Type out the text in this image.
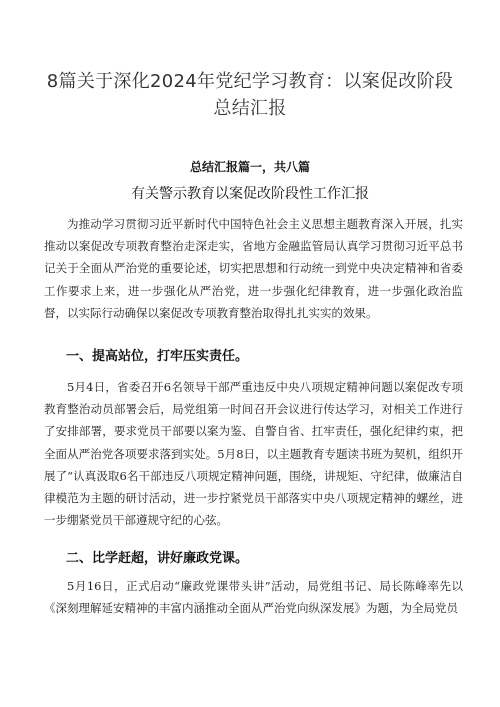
8篇关于深化2024年党纪学习教育：以案促改阶段
总结汇报
总结汇报篇一，共八篇
有关警示教育以案促改阶段性工作汇报

为推动学习贯彻习近平新时代中国特色社会主义思想主题教育深入开展，扎实推动以案促改专项教育整治走深走实，省地方金融监管局认真学习贯彻习近平总书记关于全面从严治党的重要论述，切实把思想和行动统一到党中央决定精神和省委工作要求上来，进一步强化从严治党，进一步强化纪律教育，进一步强化政治监督，以实际行动确保以案促改专项教育整治取得扎扎实实的效果。

一、提高站位，打牢压实责任。

5月4日，省委召开6名领导干部严重违反中央八项规定精神问题以案促改专项教育整治动员部署会后，局党组第一时间召开会议进行传达学习，对相关工作进行了安排部署，要求党员干部要以案为鉴、自警自省、扛牢责任，强化纪律约束，把全面从严治党各项要求落到实处。5月8日，以主题教育专题读书班为契机，组织开展了“认真汲取6名干部违反八项规定精神问题，围绕，讲规矩、守纪律，做廉洁自律模范为主题的研讨活动，进一步拧紧党员干部落实中央八项规定精神的螺丝，进一步绷紧党员干部遵规守纪的心弦。

二、比学赶超，讲好廉政党课。

5月16日，正式启动“廉政党课带头讲”活动，局党组书记、局长陈峰率先以《深刻理解延安精神的丰富内涵推动全面从严治党向纵深发展》为题，为全局党员
